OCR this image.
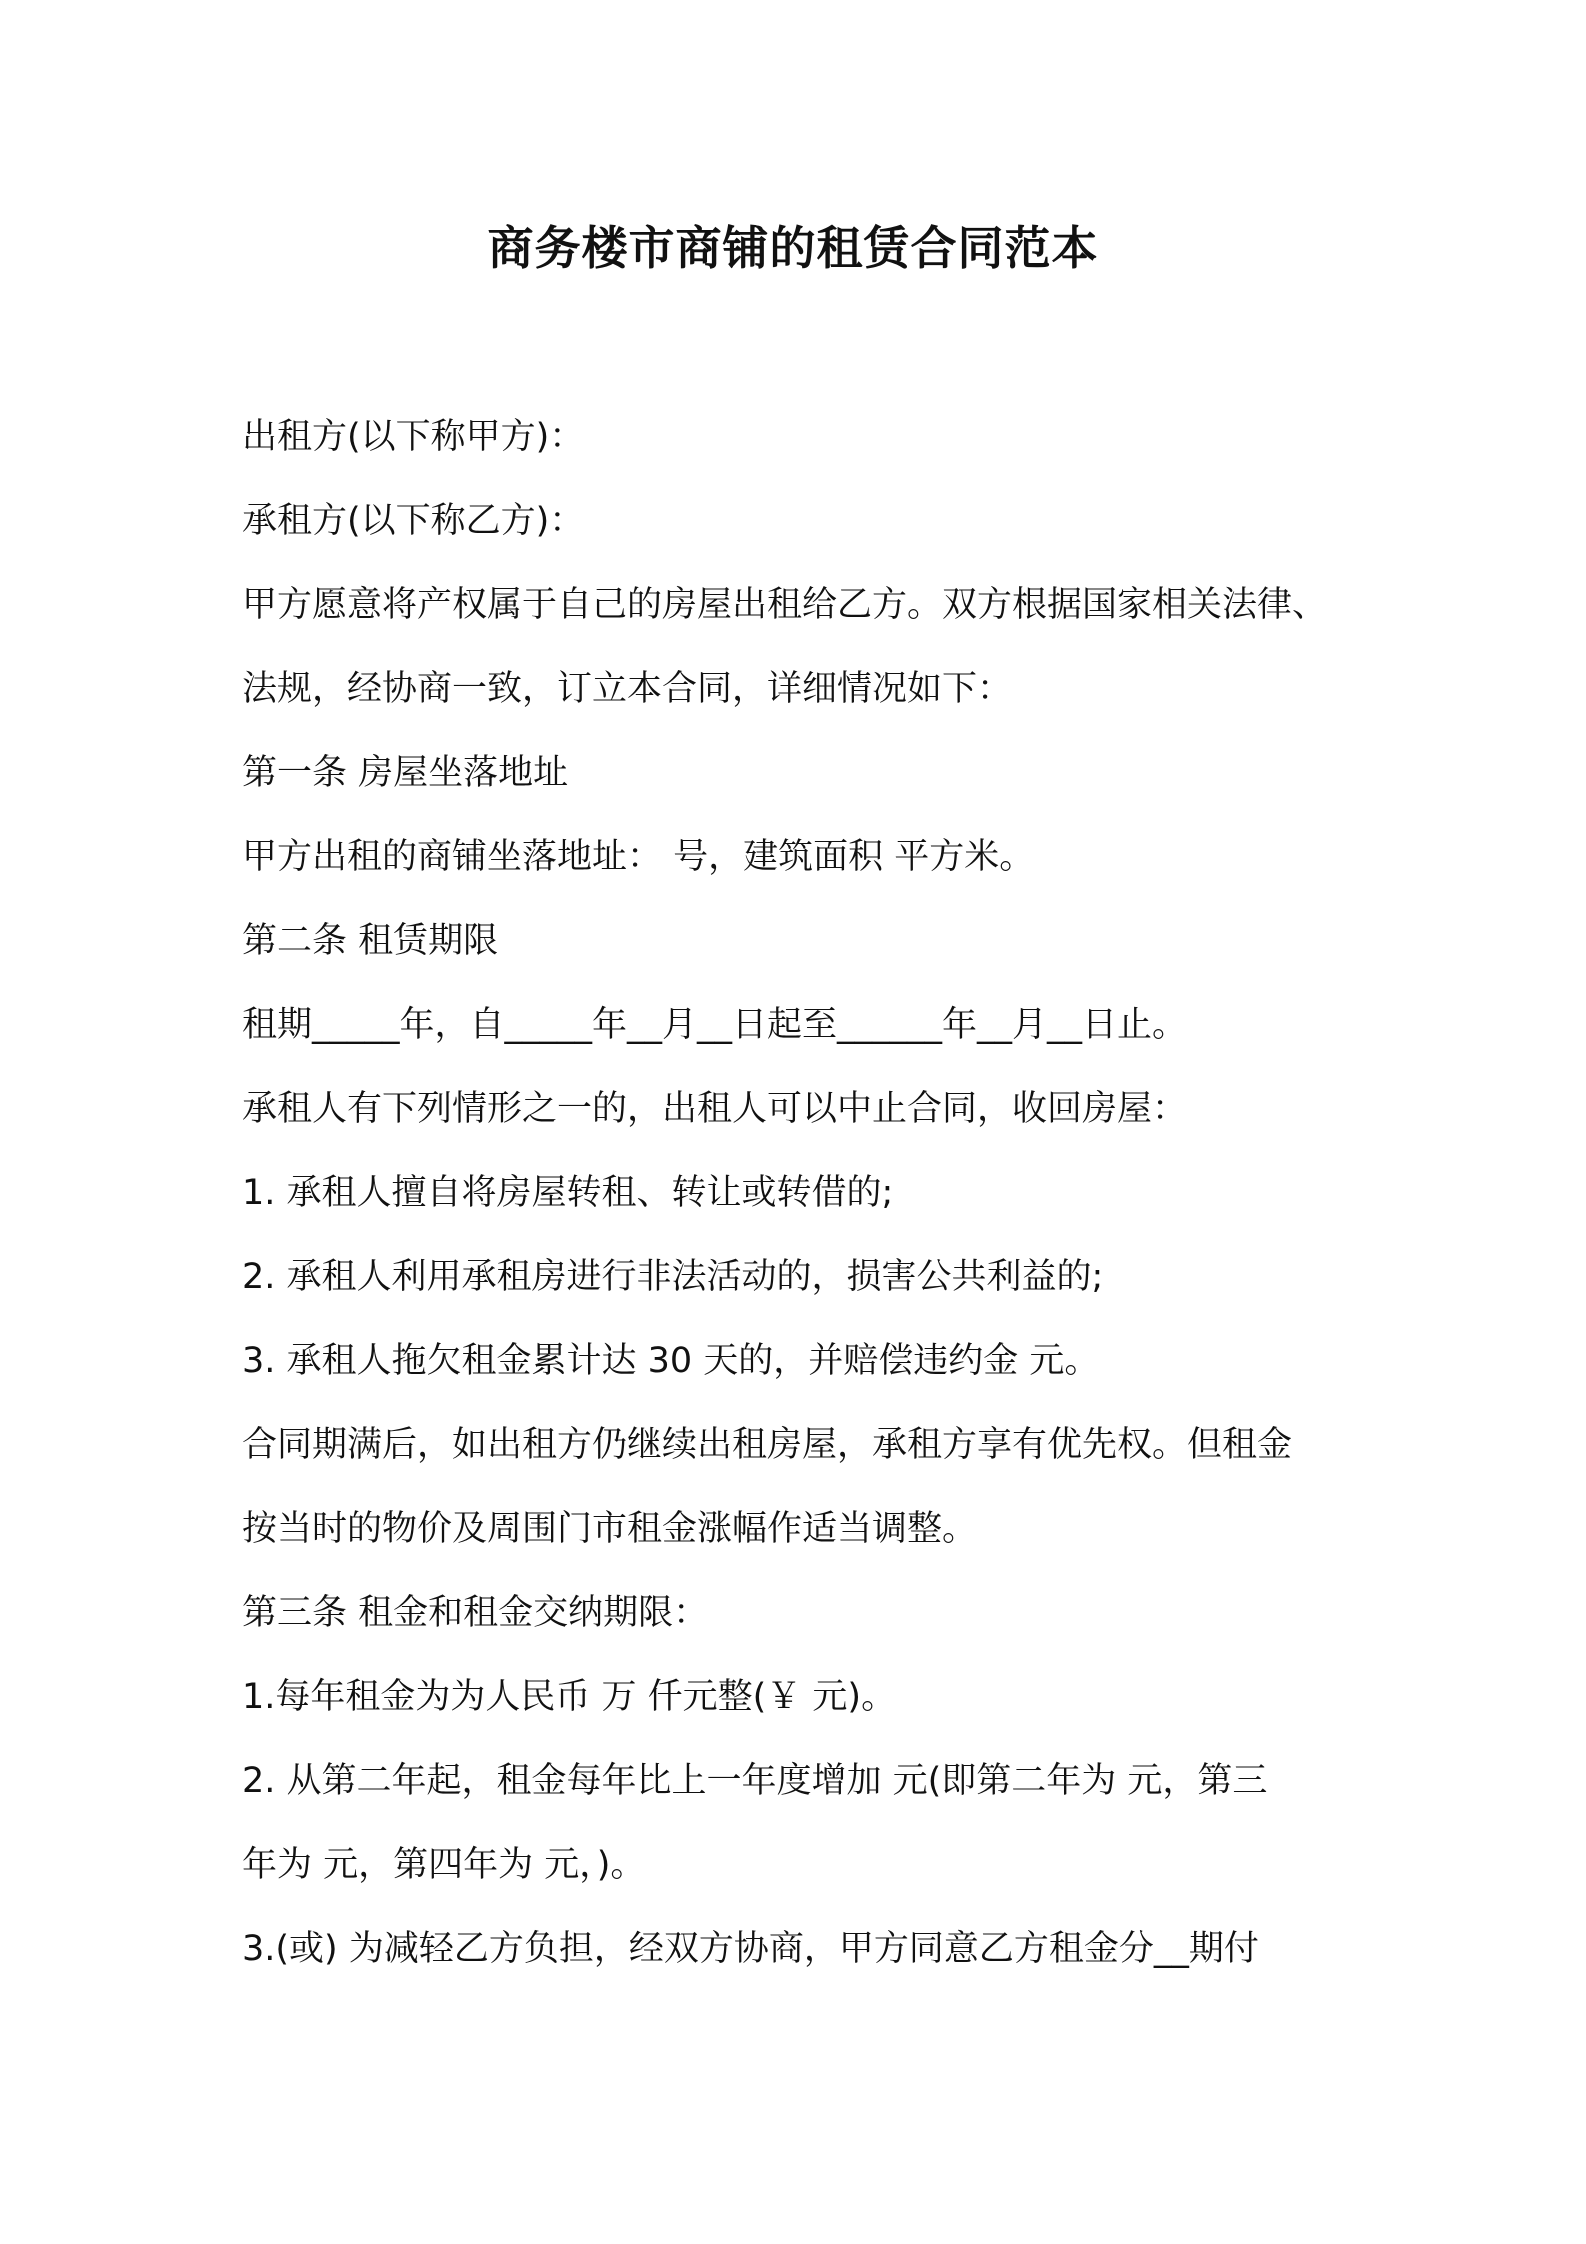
商务楼市商铺的租赁合同范本

出租方(以下称甲方)：

承租方(以下称乙方)：

甲方愿意将产权属于自己的房屋出租给乙方。双方根据国家相关法律、

法规，经协商一致，订立本合同，详细情况如下：

第一条 房屋坐落地址

甲方出租的商铺坐落地址： 号，建筑面积 平方米。

第二条 租赁期限

租期_____年，自_____年__月__日起至______年__月__日止。

承租人有下列情形之一的，出租人可以中止合同，收回房屋：

1. 承租人擅自将房屋转租、转让或转借的;

2. 承租人利用承租房进行非法活动的，损害公共利益的;

3. 承租人拖欠租金累计达 30 天的，并赔偿违约金 元。

合同期满后，如出租方仍继续出租房屋，承租方享有优先权。但租金

按当时的物价及周围门市租金涨幅作适当调整。

第三条 租金和租金交纳期限：

1.每年租金为为人民币 万 仟元整(￥ 元)。

2. 从第二年起，租金每年比上一年度增加 元(即第二年为 元，第三

年为 元，第四年为 元，)。

3.(或) 为减轻乙方负担，经双方协商，甲方同意乙方租金分__期付
